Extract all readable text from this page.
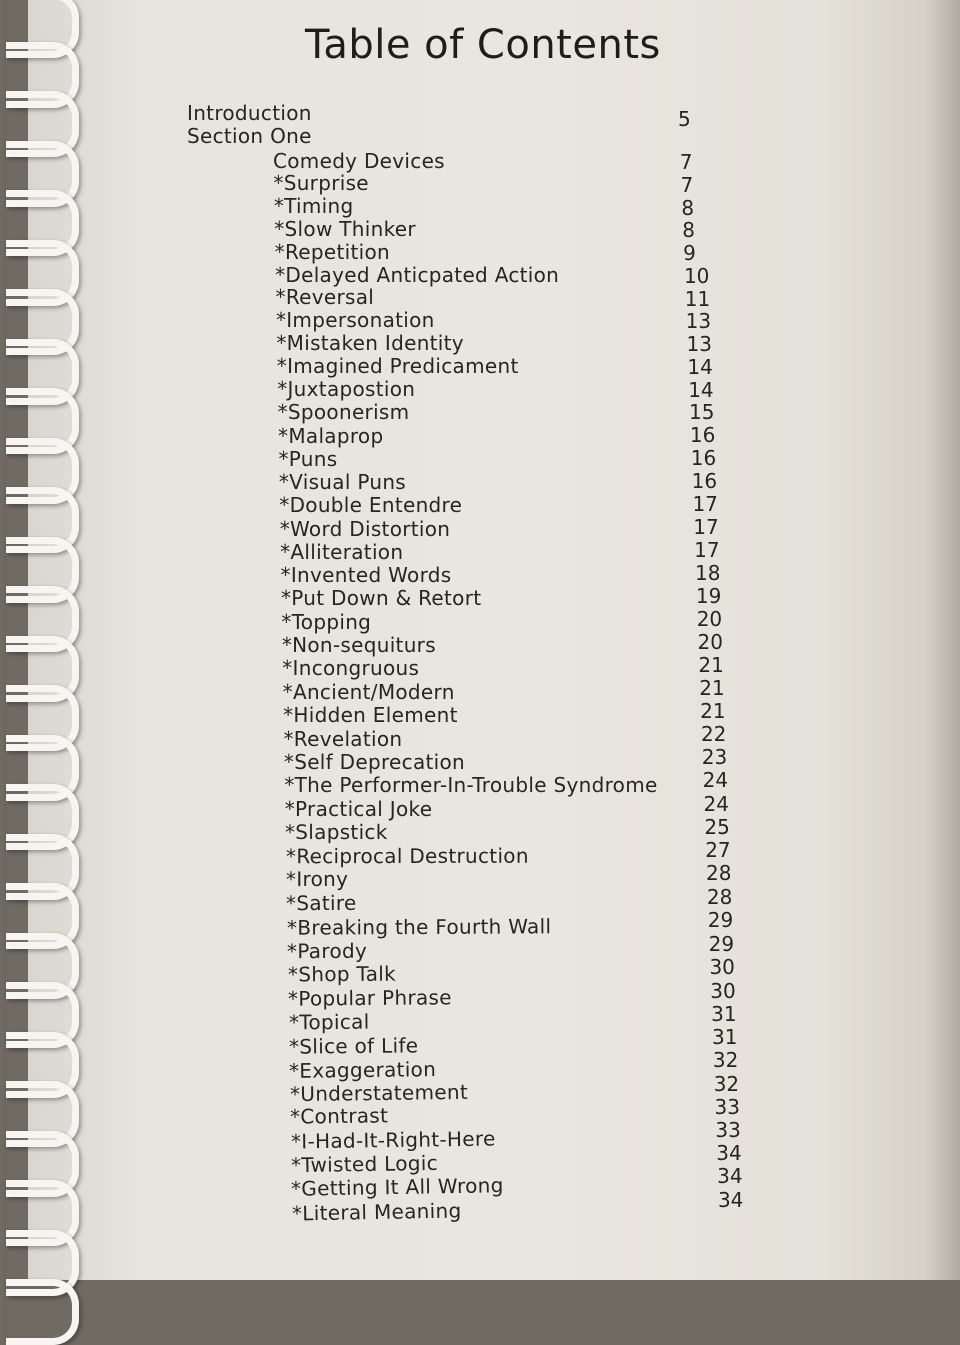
Table of Contents
Introduction	5
Section One
Comedy Devices	7
*Surprise	7
*Timing	8
*Slow Thinker	8
*Repetition	9
*Delayed Anticpated Action	10
*Reversal	11
*Impersonation	13
*Mistaken Identity	13
*Imagined Predicament	14
*Juxtapostion	14
*Spoonerism	15
*Malaprop	16
*Puns	16
*Visual Puns	16
*Double Entendre	17
*Word Distortion	17
*Alliteration	17
*Invented Words	18
*Put Down & Retort	19
*Topping	20
*Non-sequiturs	20
*Incongruous	21
*Ancient/Modern	21
*Hidden Element	21
*Revelation	22
*Self Deprecation	23
*The Performer-In-Trouble Syndrome 24
*Practical Joke	24
*Slapstick	25
*Reciprocal Destruction	27
*Irony	28
*Satire	28
*Breaking the Fourth Wall	29
*Parody	29
*Shop Talk	30
*Popular Phrase	30
*Topical	31
*Slice of Life	31
*Exaggeration	32
*Understatement	32
*Contrast	33
*I-Had-It-Right-Here	33
*Twisted Logic	34
*Getting It All Wrong	34
*Literal Meaning	34
